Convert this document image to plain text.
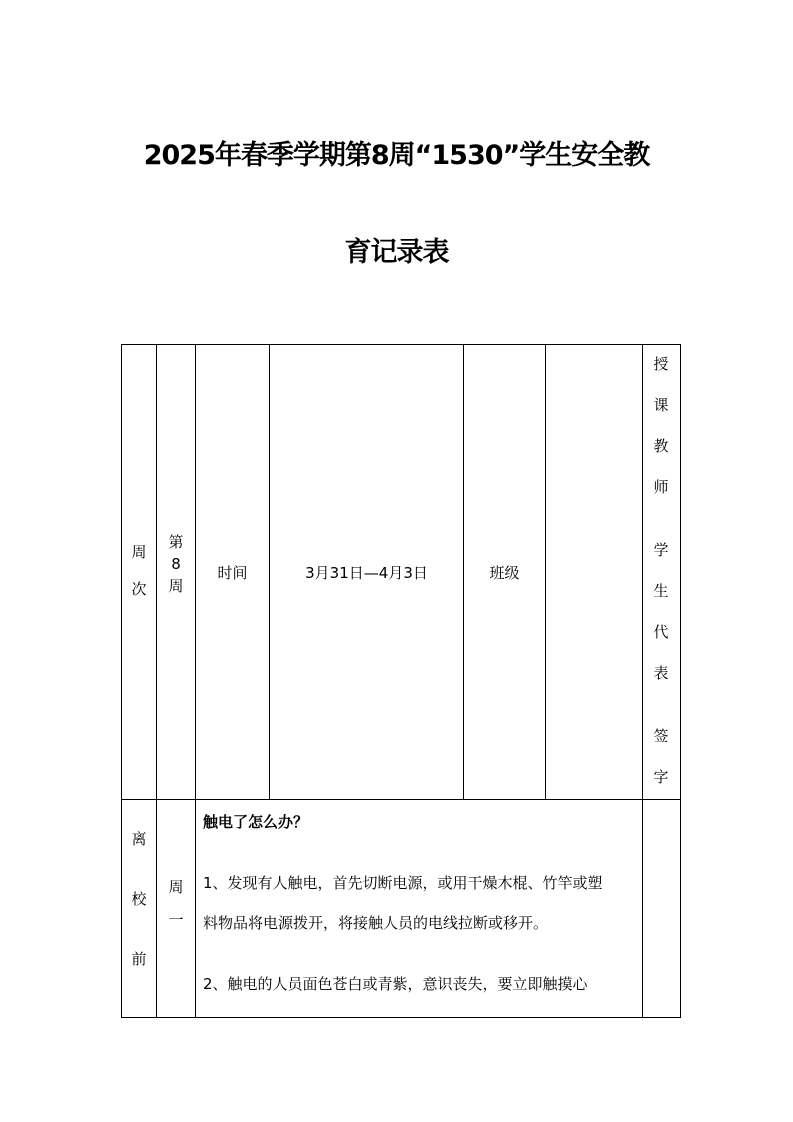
2025年春季学期第8周“1530”学生安全教
育记录表
周
次
第
8
周
时间	3月31日—4月3日	班级
授
课
教
师
学
生
代
表
签
字
离
校
前
周
一
触电了怎么办？
1、发现有人触电，首先切断电源，或用干燥木棍、竹竿或塑
料物品将电源拨开，将接触人员的电线拉断或移开。
2、触电的人员面色苍白或青紫，意识丧失，要立即触摸心
